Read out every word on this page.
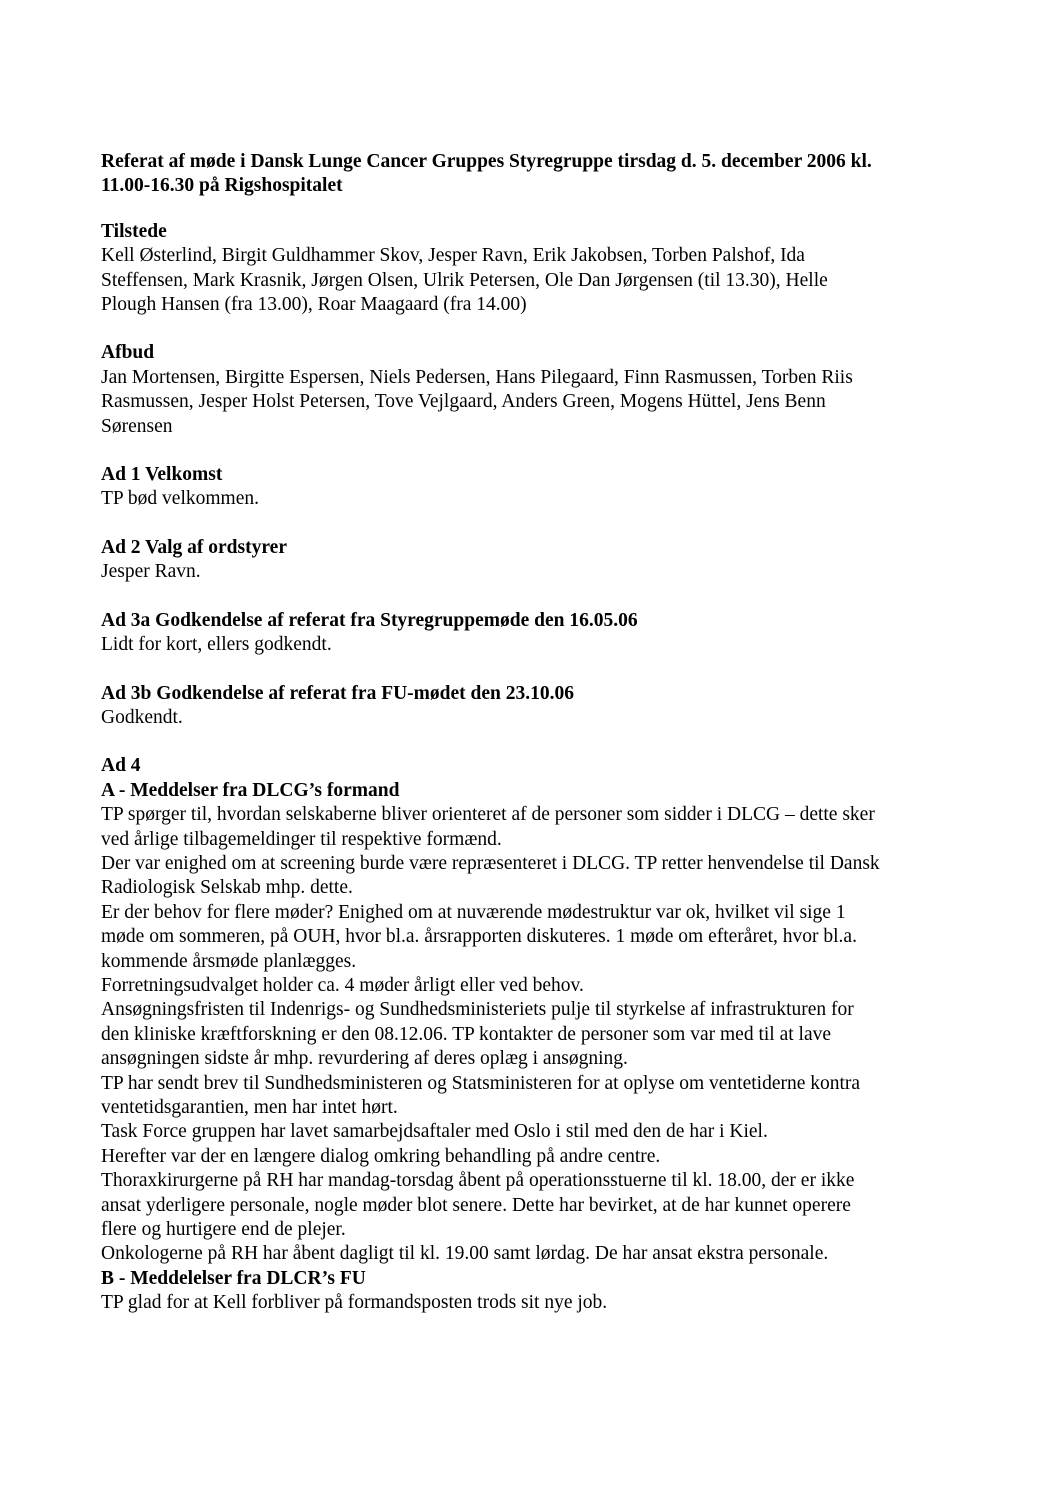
Referat af møde i Dansk Lunge Cancer Gruppes Styregruppe tirsdag d. 5. december 2006 kl.
11.00-16.30 på Rigshospitalet
Tilstede
Kell Østerlind, Birgit Guldhammer Skov, Jesper Ravn, Erik Jakobsen, Torben Palshof, Ida
Steffensen, Mark Krasnik, Jørgen Olsen, Ulrik Petersen, Ole Dan Jørgensen (til 13.30), Helle
Plough Hansen (fra 13.00), Roar Maagaard (fra 14.00)
Afbud
Jan Mortensen, Birgitte Espersen, Niels Pedersen, Hans Pilegaard, Finn Rasmussen, Torben Riis
Rasmussen, Jesper Holst Petersen, Tove Vejlgaard, Anders Green, Mogens Hüttel, Jens Benn
Sørensen
Ad 1 Velkomst
TP bød velkommen.
Ad 2 Valg af ordstyrer
Jesper Ravn.
Ad 3a Godkendelse af referat fra Styregruppemøde den 16.05.06
Lidt for kort, ellers godkendt.
Ad 3b Godkendelse af referat fra FU-mødet den 23.10.06
Godkendt.
Ad 4
A - Meddelser fra DLCG’s formand
TP spørger til, hvordan selskaberne bliver orienteret af de personer som sidder i DLCG – dette sker
ved årlige tilbagemeldinger til respektive formænd.
Der var enighed om at screening burde være repræsenteret i DLCG. TP retter henvendelse til Dansk
Radiologisk Selskab mhp. dette.
Er der behov for flere møder? Enighed om at nuværende mødestruktur var ok, hvilket vil sige 1
møde om sommeren, på OUH, hvor bl.a. årsrapporten diskuteres. 1 møde om efteråret, hvor bl.a.
kommende årsmøde planlægges.
Forretningsudvalget holder ca. 4 møder årligt eller ved behov.
Ansøgningsfristen til Indenrigs- og Sundhedsministeriets pulje til styrkelse af infrastrukturen for
den kliniske kræftforskning er den 08.12.06. TP kontakter de personer som var med til at lave
ansøgningen sidste år mhp. revurdering af deres oplæg i ansøgning.
TP har sendt brev til Sundhedsministeren og Statsministeren for at oplyse om ventetiderne kontra
ventetidsgarantien, men har intet hørt.
Task Force gruppen har lavet samarbejdsaftaler med Oslo i stil med den de har i Kiel.
Herefter var der en længere dialog omkring behandling på andre centre.
Thoraxkirurgerne på RH har mandag-torsdag åbent på operationsstuerne til kl. 18.00, der er ikke
ansat yderligere personale, nogle møder blot senere. Dette har bevirket, at de har kunnet operere
flere og hurtigere end de plejer.
Onkologerne på RH har åbent dagligt til kl. 19.00 samt lørdag. De har ansat ekstra personale.
B - Meddelelser fra DLCR’s FU
TP glad for at Kell forbliver på formandsposten trods sit nye job.
